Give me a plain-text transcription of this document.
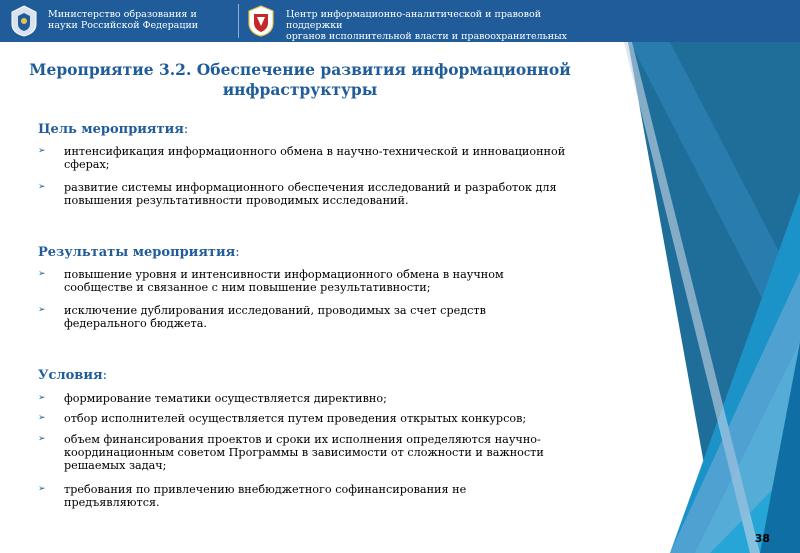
Министерство образования и
науки Российской Федерации
Центр информационно-аналитической и правовой
поддержки
органов исполнительной власти и правоохранительных
Мероприятие 3.2. Обеспечение развития информационной
инфраструктуры
Цель мероприятия:
➢ интенсификация информационного обмена в научно-технической и инновационной
сферах;
➢ развитие системы информационного обеспечения исследований и разработок для
повышения результативности проводимых исследований.
Результаты мероприятия:
➢ повышение уровня и интенсивности информационного обмена в научном
сообществе и связанное с ним повышение результативности;
➢ исключение дублирования исследований, проводимых за счет средств
федерального бюджета.
Условия:
➢ формирование тематики осуществляется директивно;
➢ отбор исполнителей осуществляется путем проведения открытых конкурсов;
➢ объем финансирования проектов и сроки их исполнения определяются научно-
координационным советом Программы в зависимости от сложности и важности
решаемых задач;
➢ требования по привлечению внебюджетного софинансирования не
предъявляются.
38
